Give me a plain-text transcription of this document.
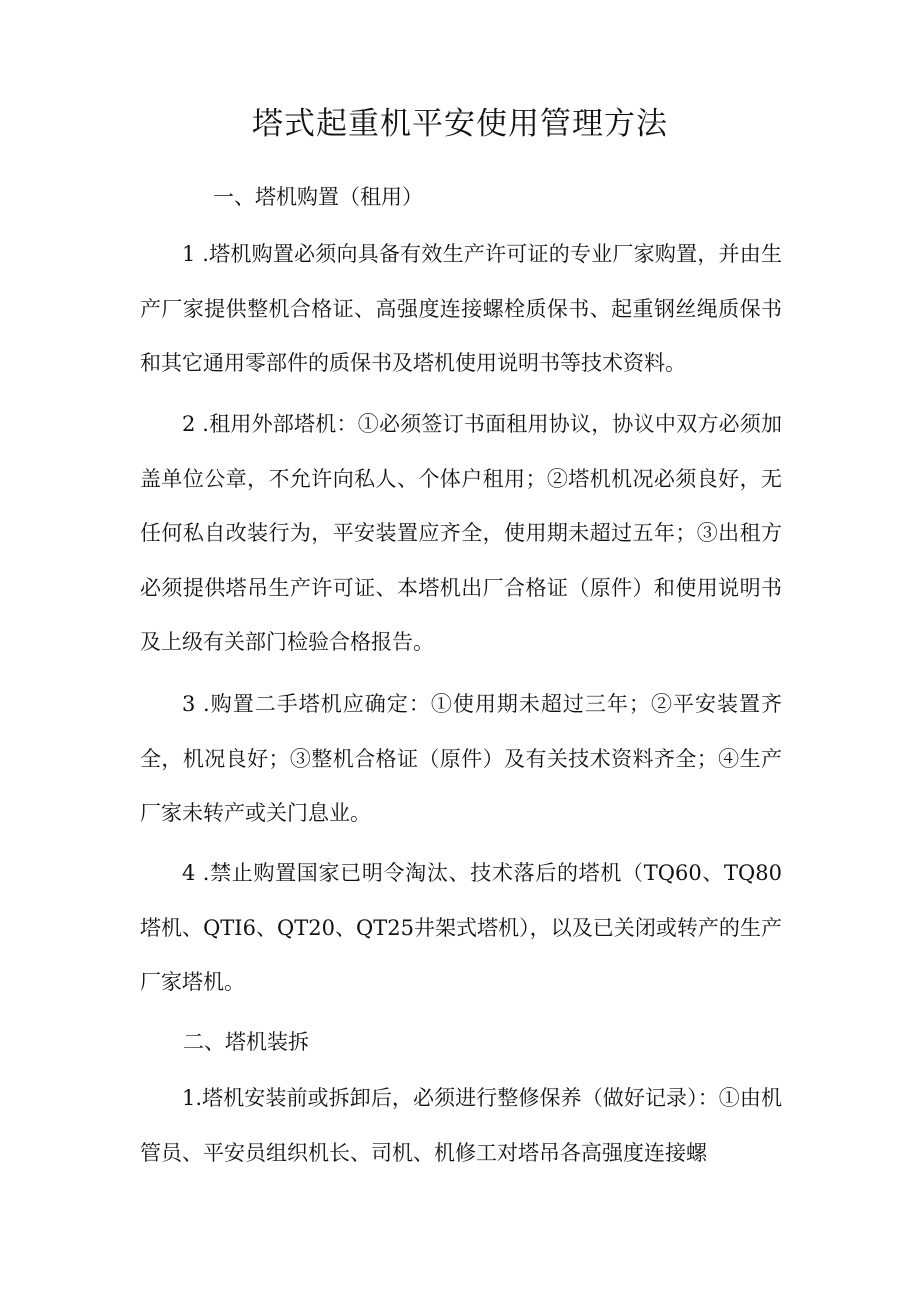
塔式起重机平安使用管理方法
一、塔机购置（租用）

1 .塔机购置必须向具备有效生产许可证的专业厂家购置，并由生产厂家提供整机合格证、高强度连接螺栓质保书、起重钢丝绳质保书和其它通用零部件的质保书及塔机使用说明书等技术资料。

2 .租用外部塔机：①必须签订书面租用协议，协议中双方必须加盖单位公章，不允许向私人、个体户租用；②塔机机况必须良好，无任何私自改装行为，平安装置应齐全，使用期未超过五年；③出租方必须提供塔吊生产许可证、本塔机出厂合格证（原件）和使用说明书及上级有关部门检验合格报告。

3 .购置二手塔机应确定：①使用期未超过三年；②平安装置齐全，机况良好；③整机合格证（原件）及有关技术资料齐全；④生产厂家未转产或关门息业。

4 .禁止购置国家已明令淘汰、技术落后的塔机（TQ60、TQ80塔机、QTI6、QT20、QT25井架式塔机），以及已关闭或转产的生产厂家塔机。

二、塔机装拆

1.塔机安装前或拆卸后，必须进行整修保养（做好记录）：①由机管员、平安员组织机长、司机、机修工对塔吊各高强度连接螺
